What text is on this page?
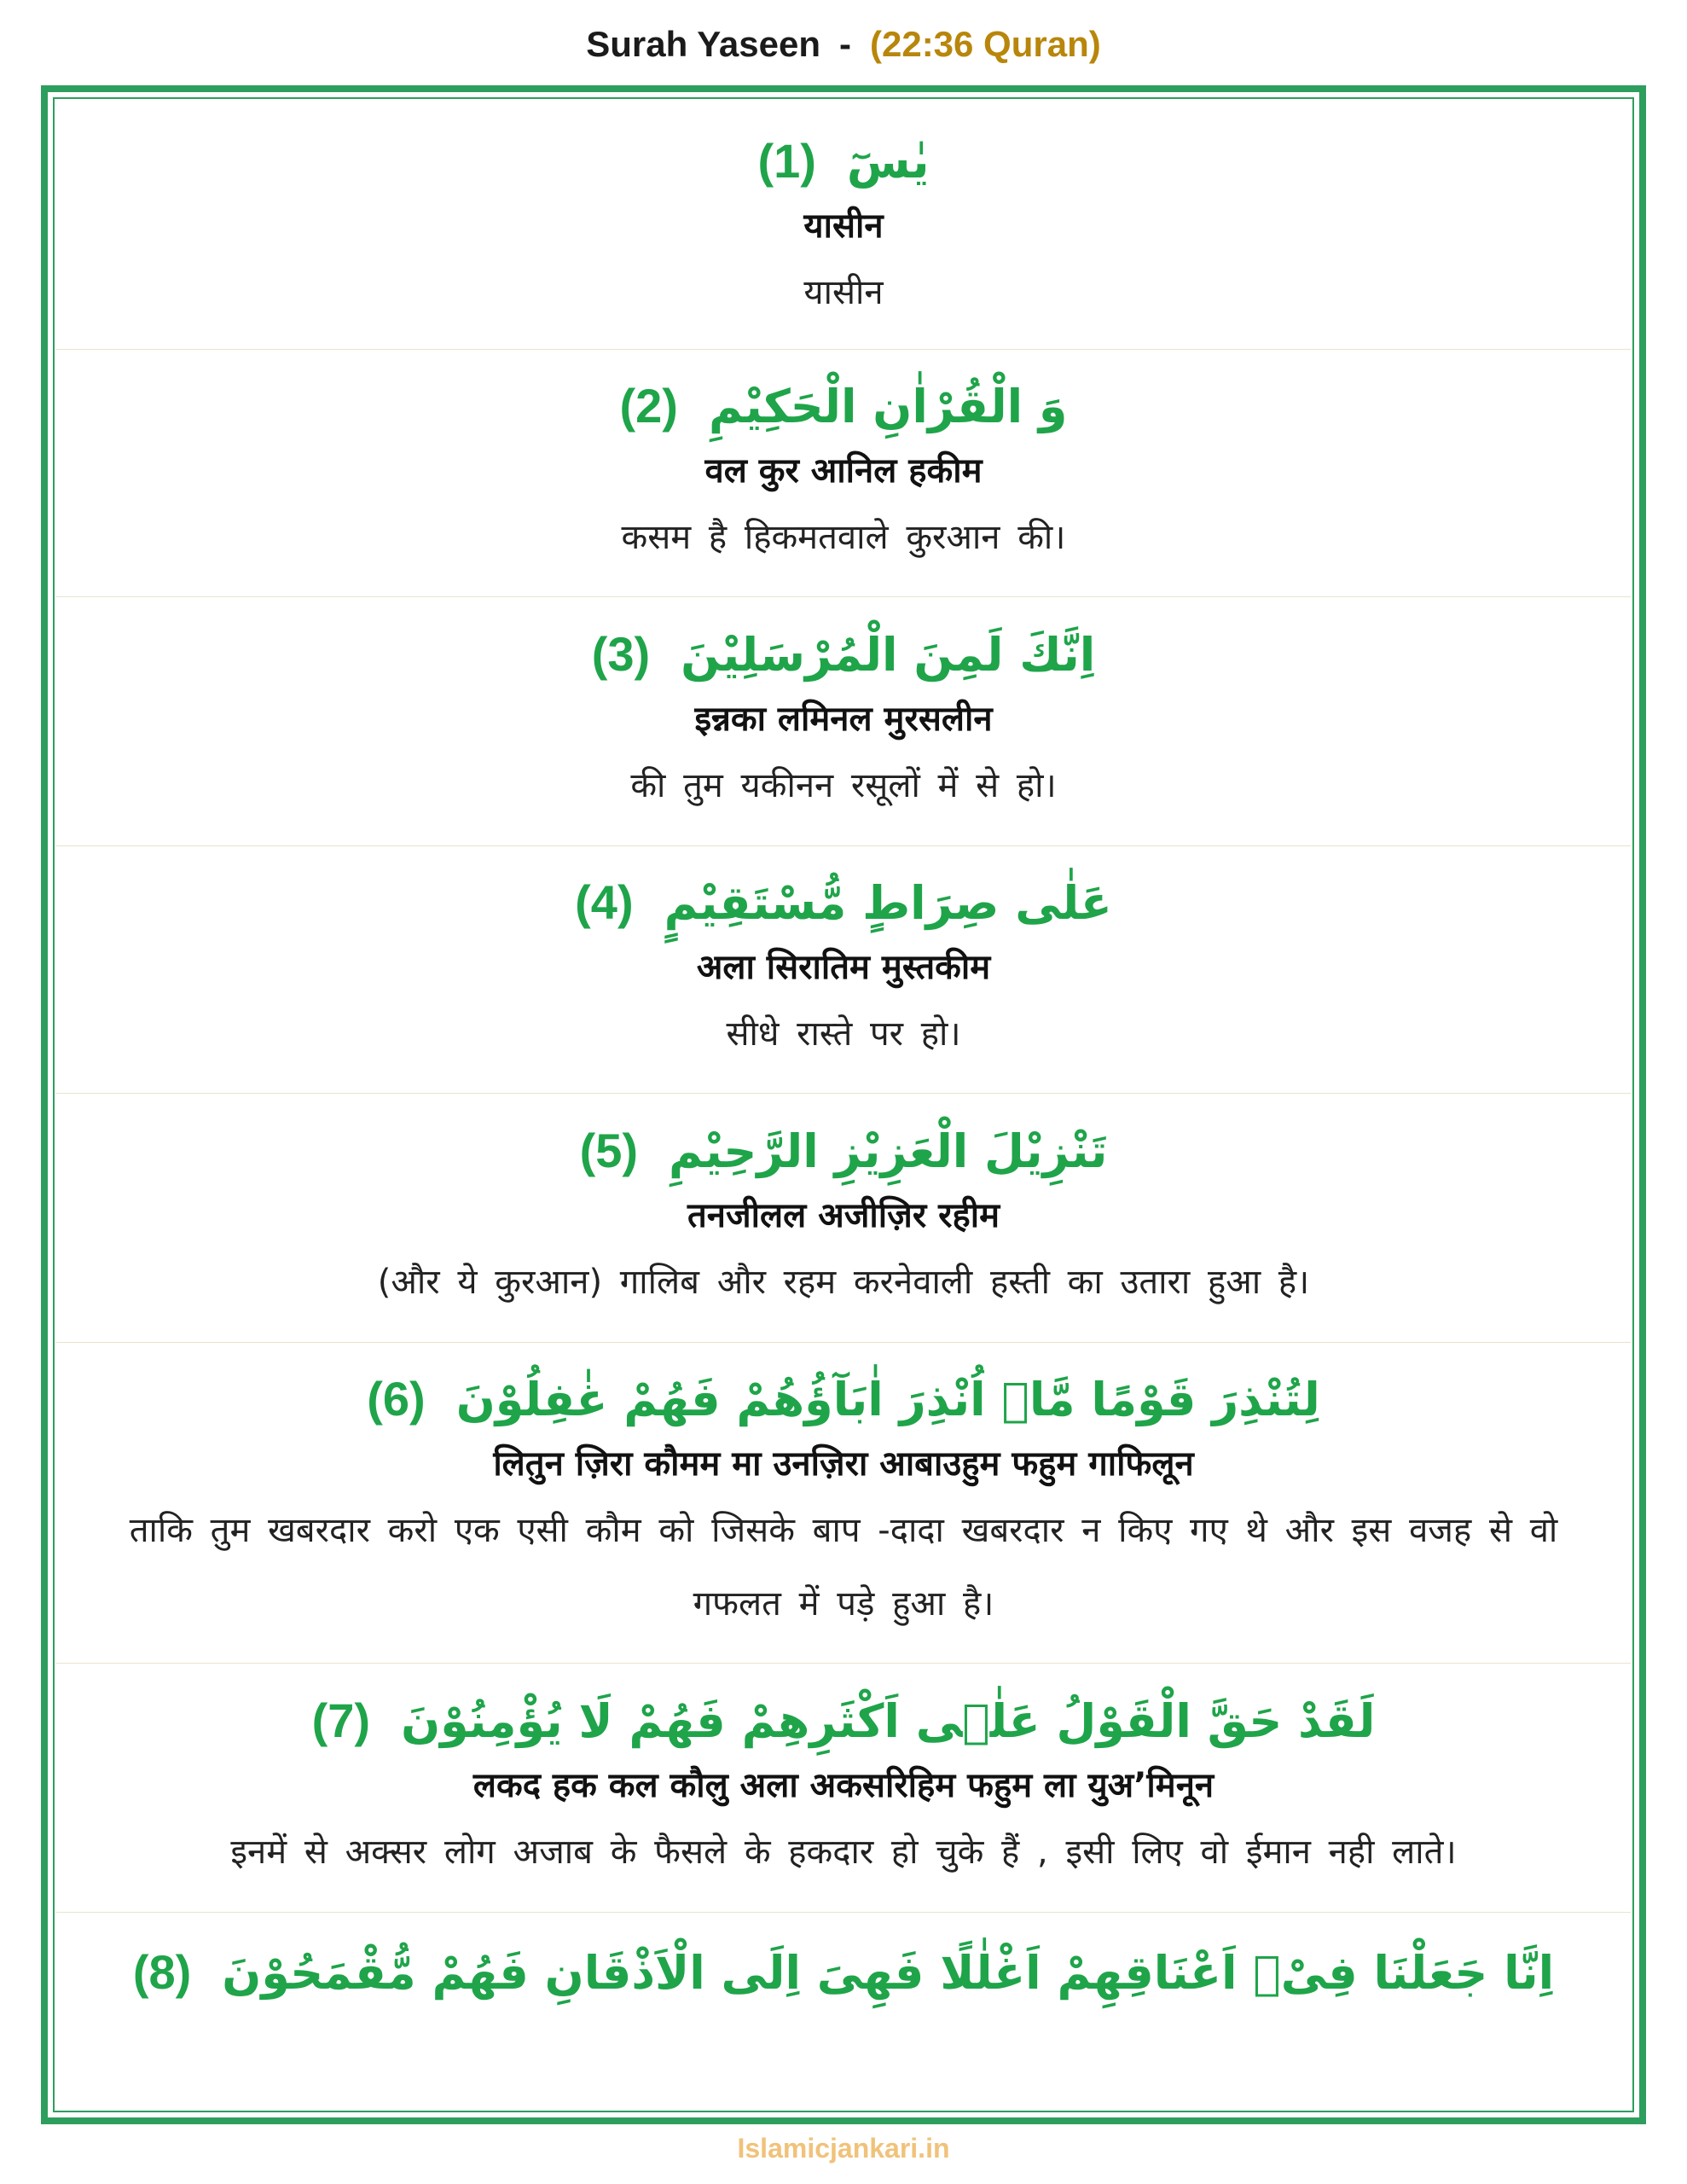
Surah Yaseen - (22:36 Quran)
يٰسٓ(1)
यासीन
यासीन
وَ الْقُرْاٰنِ الْحَكِيْمِ(2)
वल कुर आनिल हकीम
कसम है हिकमतवाले कुरआन की।
اِنَّكَ لَمِنَ الْمُرْسَلِيْنَ(3)
इन्नका लमिनल मुरसलीन
की तुम यकीनन रसूलों में से हो।
عَلٰى صِرَاطٍ مُّسْتَقِيْمٍ(4)
अला सिरातिम मुस्तकीम
सीधे रास्ते पर हो।
تَنْزِيْلَ الْعَزِيْزِ الرَّحِيْمِ(5)
तनजीलल अजीज़िर रहीम
(और ये कुरआन) गालिब और रहम करनेवाली हस्ती का उतारा हुआ है।
لِتُنْذِرَ قَوْمًا مَّاۤ اُنْذِرَ اٰبَآؤُهُمْ فَهُمْ غٰفِلُوْنَ(6)
लितुन ज़िरा कौमम मा उनज़िरा आबाउहुम फहुम गाफिलून
ताकि तुम खबरदार करो एक एसी कौम को जिसके बाप -दादा खबरदार न किए गए थे और इस वजह से वो गफलत में पड़े हुआ है।
لَقَدْ حَقَّ الْقَوْلُ عَلٰۤى اَكْثَرِهِمْ فَهُمْ لَا يُؤْمِنُوْنَ(7)
लकद हक कल कौलु अला अकसरिहिम फहुम ला युअ’मिनून
इनमें से अक्सर लोग अजाब के फैसले के हकदार हो चुके हैं , इसी लिए वो ईमान नही लाते।
اِنَّا جَعَلْنَا فِیْۤ اَعْنَاقِهِمْ اَغْلٰلًا فَهِیَ اِلَى الْاَذْقَانِ فَهُمْ مُّقْمَحُوْنَ(8)
Islamicjankari.in
